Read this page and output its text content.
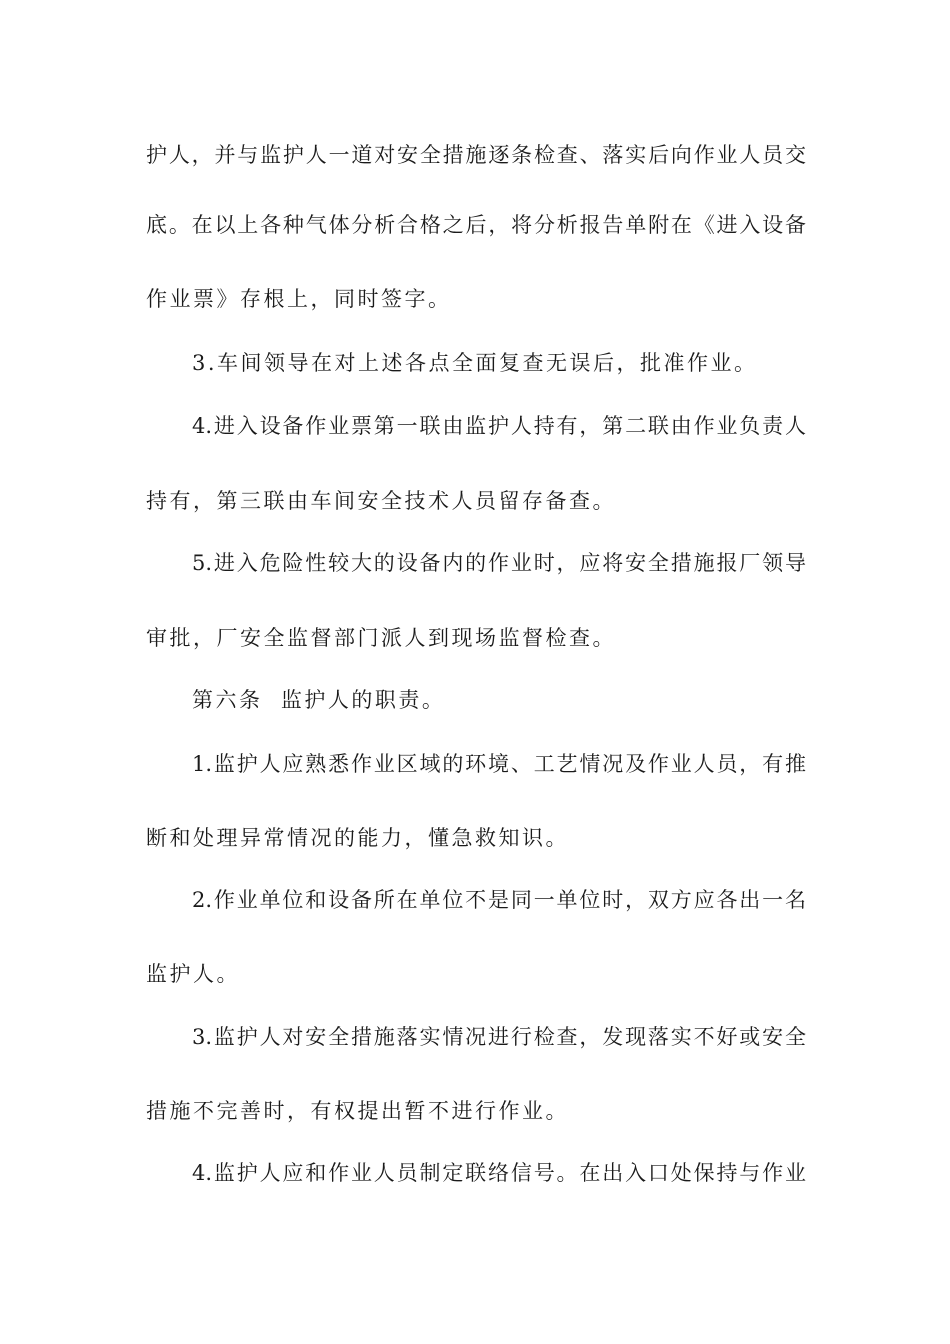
护人，并与监护人一道对安全措施逐条检查、落实后向作业人员交
底。在以上各种气体分析合格之后，将分析报告单附在《进入设备
作业票》存根上，同时签字。
3.车间领导在对上述各点全面复查无误后，批准作业。
4.进入设备作业票第一联由监护人持有，第二联由作业负责人
持有，第三联由车间安全技术人员留存备查。
5.进入危险性较大的设备内的作业时，应将安全措施报厂领导
审批，厂安全监督部门派人到现场监督检查。
第六条  监护人的职责。
1.监护人应熟悉作业区域的环境、工艺情况及作业人员，有推
断和处理异常情况的能力，懂急救知识。
2.作业单位和设备所在单位不是同一单位时，双方应各出一名
监护人。
3.监护人对安全措施落实情况进行检查，发现落实不好或安全
措施不完善时，有权提出暂不进行作业。
4.监护人应和作业人员制定联络信号。在出入口处保持与作业
